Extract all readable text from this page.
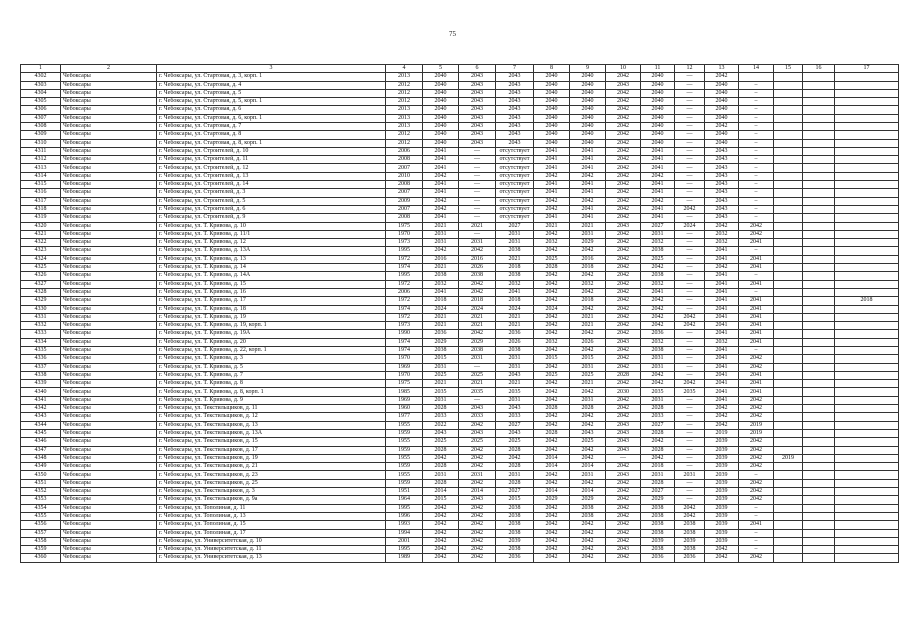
75
1	2	3	4	5	6	7	8	9	10	11	12	13	14	15	16	17
4302	Чебоксары	г. Чебоксары, ул. Стартовая, д. 3, корп. 1	2013	2040	2043	2043	2040	2040	2042	2040	—	2042				
4303	Чебоксары	г. Чебоксары, ул. Стартовая, д. 4	2012	2040	2043	2043	2040	2040	2043	2040	—	2040	–			
4304	Чебоксары	г. Чебоксары, ул. Стартовая, д. 5	2012	2040	2043	2043	2040	2040	2042	2040	—	2040	–			
4305	Чебоксары	г. Чебоксары, ул. Стартовая, д. 5, корп. 1	2012	2040	2043	2043	2040	2040	2042	2040	—	2040	–			
4306	Чебоксары	г. Чебоксары, ул. Стартовая, д. 6	2013	2040	2043	2043	2040	2040	2042	2040	—	2040	–			
4307	Чебоксары	г. Чебоксары, ул. Стартовая, д. 6, корп. 1	2013	2040	2043	2043	2040	2040	2042	2040	—	2040	–			
4308	Чебоксары	г. Чебоксары, ул. Стартовая, д. 7	2013	2040	2043	2043	2040	2040	2042	2040	—	2042	–			
4309	Чебоксары	г. Чебоксары, ул. Стартовая, д. 8	2012	2040	2043	2043	2040	2040	2042	2040	—	2040	–			
4310	Чебоксары	г. Чебоксары, ул. Стартовая, д. 8, корп. 1	2012	2040	2043	2043	2040	2040	2042	2040	—	2040	–			
4311	Чебоксары	г. Чебоксары, ул. Строителей, д. 10	2006	2041	—	отсутствует	2041	2041	2042	2041	—	2043	–			
4312	Чебоксары	г. Чебоксары, ул. Строителей, д. 11	2008	2041	—	отсутствует	2041	2041	2042	2041	—	2043	–			
4313	Чебоксары	г. Чебоксары, ул. Строителей, д. 12	2007	2041	—	отсутствует	2041	2041	2042	2041	—	2043	–			
4314	Чебоксары	г. Чебоксары, ул. Строителей, д. 13	2010	2042	—	отсутствует	2042	2042	2042	2042	—	2043	–			
4315	Чебоксары	г. Чебоксары, ул. Строителей, д. 14	2008	2041	—	отсутствует	2041	2041	2042	2041	—	2043	–			
4316	Чебоксары	г. Чебоксары, ул. Строителей, д. 3	2007	2041	—	отсутствует	2041	2041	2042	2041	—	2043	–			
4317	Чебоксары	г. Чебоксары, ул. Строителей, д. 5	2009	2042	—	отсутствует	2042	2042	2042	2042	—	2043	–			
4318	Чебоксары	г. Чебоксары, ул. Строителей, д. 6	2007	2042	—	отсутствует	2042	2041	2042	2041	2042	2043	–			
4319	Чебоксары	г. Чебоксары, ул. Строителей, д. 9	2008	2041	—	отсутствует	2041	2041	2042	2041	—	2043	–			
4320	Чебоксары	г. Чебоксары, ул. Т. Кривова, д. 10	1975	2021	2021	2027	2021	2021	2043	2027	2024	2042	2042			
4321	Чебоксары	г. Чебоксары, ул. Т. Кривова, д. 11/1	1970	2031	—	2031	2042	2031	2042	2031	—	2032	2042			
4322	Чебоксары	г. Чебоксары, ул. Т. Кривова, д. 12	1973	2031	2031	2031	2032	2029	2042	2032	—	2032	2041			
4323	Чебоксары	г. Чебоксары, ул. Т. Кривова, д. 13А	1995	2042	2042	2038	2042	2042	2042	2038	—	2041	–			
4324	Чебоксары	г. Чебоксары, ул. Т. Кривова, д. 13	1972	2016	2016	2021	2025	2016	2042	2025	—	2041	2041			
4325	Чебоксары	г. Чебоксары, ул. Т. Кривова, д. 14	1974	2021	2026	2018	2028	2018	2042	2042	—	2042	2041			
4326	Чебоксары	г. Чебоксары, ул. Т. Кривова, д. 14А	1995	2038	2038	2038	2042	2042	2042	2038	—	2041	–			
4327	Чебоксары	г. Чебоксары, ул. Т. Кривова, д. 15	1972	2032	2042	2032	2042	2032	2042	2032	—	2041	2041			
4328	Чебоксары	г. Чебоксары, ул. Т. Кривова, д. 16	2006	2041	2042	2041	2042	2042	2042	2041	—	2041	–			
4329	Чебоксары	г. Чебоксары, ул. Т. Кривова, д. 17	1972	2018	2018	2018	2042	2018	2042	2042	—	2041	2041			2018
4330	Чебоксары	г. Чебоксары, ул. Т. Кривова, д. 18	1974	2024	2024	2024	2024	2042	2042	2042	—	2041	2041			
4331	Чебоксары	г. Чебоксары, ул. Т. Кривова, д. 19	1972	2021	2021	2021	2042	2021	2042	2042	2042	2041	2041			
4332	Чебоксары	г. Чебоксары, ул. Т. Кривова, д. 19, корп. 1	1973	2021	2021	2021	2042	2021	2042	2042	2042	2041	2041			
4333	Чебоксары	г. Чебоксары, ул. Т. Кривова, д. 19А	1990	2036	2042	2036	2042	2042	2042	2036	—	2041	2041			
4334	Чебоксары	г. Чебоксары, ул. Т. Кривова, д. 20	1974	2029	2029	2026	2032	2026	2043	2032	—	2032	2041			
4335	Чебоксары	г. Чебоксары, ул. Т. Кривова, д. 22, корп. 1	1974	2038	2038	2038	2042	2042	2042	2038	—	2041	–			
4336	Чебоксары	г. Чебоксары, ул. Т. Кривова, д. 3	1970	2015	2031	2031	2015	2015	2042	2031	—	2041	2042			
4337	Чебоксары	г. Чебоксары, ул. Т. Кривова, д. 5	1969	2031	—	2031	2042	2031	2042	2031	—	2041	2042			
4338	Чебоксары	г. Чебоксары, ул. Т. Кривова, д. 7	1970	2025	2025	2043	2025	2025	2028	2042	—	2041	2041			
4339	Чебоксары	г. Чебоксары, ул. Т. Кривова, д. 8	1975	2021	2021	2021	2042	2021	2042	2042	2042	2041	2041			
4340	Чебоксары	г. Чебоксары, ул. Т. Кривова, д. 8, корп. 1	1985	2035	2035	2035	2042	2042	2030	2035	2035	2041	2041			
4341	Чебоксары	г. Чебоксары, ул. Т. Кривова, д. 9	1969	2031	—	2031	2042	2031	2042	2031	—	2041	2042			
4342	Чебоксары	г. Чебоксары, ул. Текстильщиков, д. 11	1960	2028	2043	2043	2028	2028	2042	2028	—	2042	2042			
4343	Чебоксары	г. Чебоксары, ул. Текстильщиков, д. 12	1977	2033	2033	2033	2042	2042	2042	2033	—	2042	2042			
4344	Чебоксары	г. Чебоксары, ул. Текстильщиков, д. 13	1955	2022	2042	2027	2042	2042	2043	2027	—	2042	2019			
4345	Чебоксары	г. Чебоксары, ул. Текстильщиков, д. 13А	1959	2043	2043	2043	2028	2043	2043	2028	—	2019	2019			
4346	Чебоксары	г. Чебоксары, ул. Текстильщиков, д. 15	1955	2025	2025	2025	2042	2025	2043	2042	—	2039	2042			
4347	Чебоксары	г. Чебоксары, ул. Текстильщиков, д. 17	1959	2028	2042	2028	2042	2042	2043	2028	—	2039	2042			
4348	Чебоксары	г. Чебоксары, ул. Текстильщиков, д. 19	1955	2042	2042	2042	2014	2042	—	2042	—	2039	2042	2019		
4349	Чебоксары	г. Чебоксары, ул. Текстильщиков, д. 21	1959	2028	2042	2028	2014	2014	2042	2018	—	2039	2042			
4350	Чебоксары	г. Чебоксары, ул. Текстильщиков, д. 23	1955	2031	2031	2031	2042	2031	2043	2031	2031	2039	–			
4351	Чебоксары	г. Чебоксары, ул. Текстильщиков, д. 25	1959	2028	2042	2028	2042	2042	2042	2028	—	2039	2042			
4352	Чебоксары	г. Чебоксары, ул. Текстильщиков, д. 3	1951	2014	2014	2027	2014	2014	2042	2027	—	2039	2042			
4353	Чебоксары	г. Чебоксары, ул. Текстильщиков, д. 9а	1964	2015	2043	2015	2029	2029	2042	2029	—	2039	2042			
4354	Чебоксары	г. Чебоксары, ул. Тополиная, д. 11	1995	2042	2042	2038	2042	2038	2042	2038	2042	2039	–			
4355	Чебоксары	г. Чебоксары, ул. Тополиная, д. 13	1996	2042	2042	2038	2042	2038	2042	2038	2042	2039	–			
4356	Чебоксары	г. Чебоксары, ул. Тополиная, д. 15	1993	2042	2042	2038	2042	2042	2042	2038	2038	2039	2041			
4357	Чебоксары	г. Чебоксары, ул. Тополиная, д. 17	1994	2042	2042	2038	2042	2042	2042	2038	2038	2039	–			
4358	Чебоксары	г. Чебоксары, ул. Университетская, д. 10	2001	2042	2042	2039	2042	2042	2042	2039	2039	2039	–			
4359	Чебоксары	г. Чебоксары, ул. Университетская, д. 11	1995	2042	2042	2038	2042	2042	2043	2038	2038	2042	–			
4360	Чебоксары	г. Чебоксары, ул. Университетская, д. 13	1989	2042	2042	2036	2042	2042	2042	2036	2036	2042	2042			
